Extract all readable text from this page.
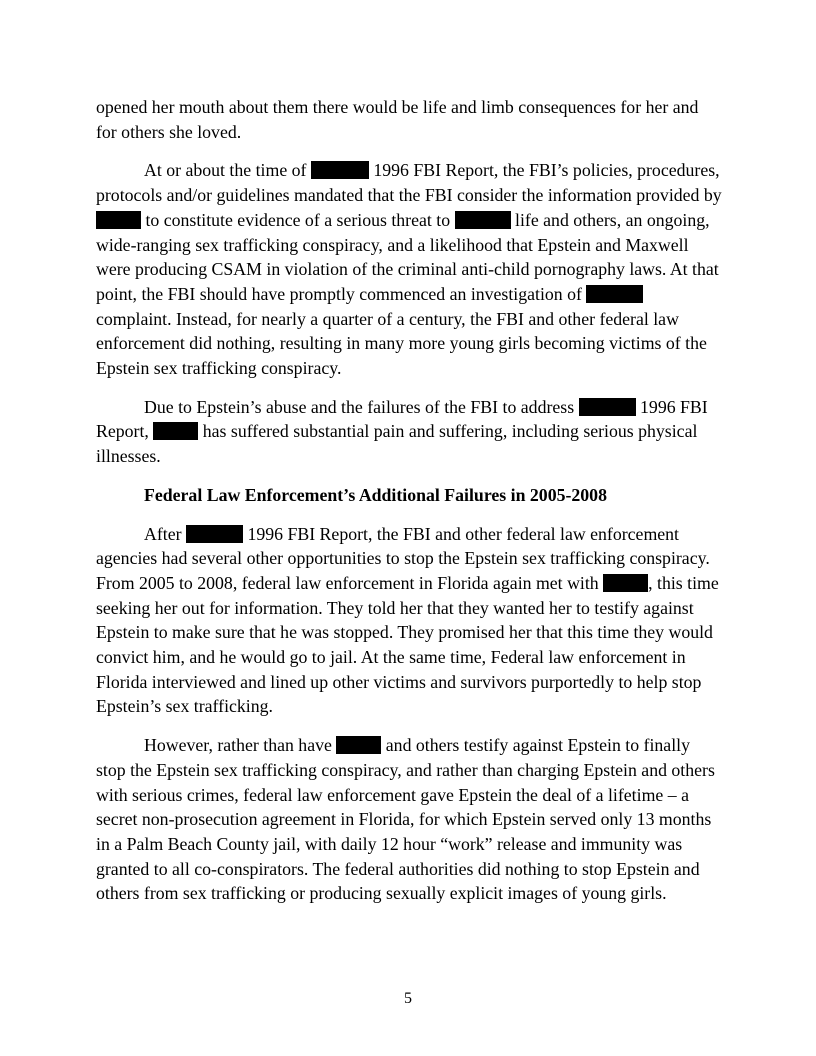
opened her mouth about them there would be life and limb consequences for her and for others she loved.

At or about the time of	1996 FBI Report, the FBI’s policies, procedures, protocols and/or guidelines mandated that the FBI consider the information provided by  to constitute evidence of a serious threat to	life and others, an ongoing, wide-ranging sex trafficking conspiracy, and a likelihood that Epstein and Maxwell were producing CSAM in violation of the criminal anti-child pornography laws. At that point, the FBI should have promptly commenced an investigation of  complaint. Instead, for nearly a quarter of a century, the FBI and other federal law enforcement did nothing, resulting in many more young girls becoming victims of the Epstein sex trafficking conspiracy.

Due to Epstein’s abuse and the failures of the FBI to address	1996 FBI Report,	has suffered substantial pain and suffering, including serious physical illnesses.

Federal Law Enforcement’s Additional Failures in 2005-2008

After	1996 FBI Report, the FBI and other federal law enforcement agencies had several other opportunities to stop the Epstein sex trafficking conspiracy. From 2005 to 2008, federal law enforcement in Florida again met with	, this time seeking her out for information. They told her that they wanted her to testify against Epstein to make sure that he was stopped. They promised her that this time they would convict him, and he would go to jail. At the same time, Federal law enforcement in Florida interviewed and lined up other victims and survivors purportedly to help stop Epstein’s sex trafficking.

However, rather than have	and others testify against Epstein to finally stop the Epstein sex trafficking conspiracy, and rather than charging Epstein and others with serious crimes, federal law enforcement gave Epstein the deal of a lifetime – a secret non-prosecution agreement in Florida, for which Epstein served only 13 months in a Palm Beach County jail, with daily 12 hour “work” release and immunity was granted to all co-conspirators. The federal authorities did nothing to stop Epstein and others from sex trafficking or producing sexually explicit images of young girls.

5
